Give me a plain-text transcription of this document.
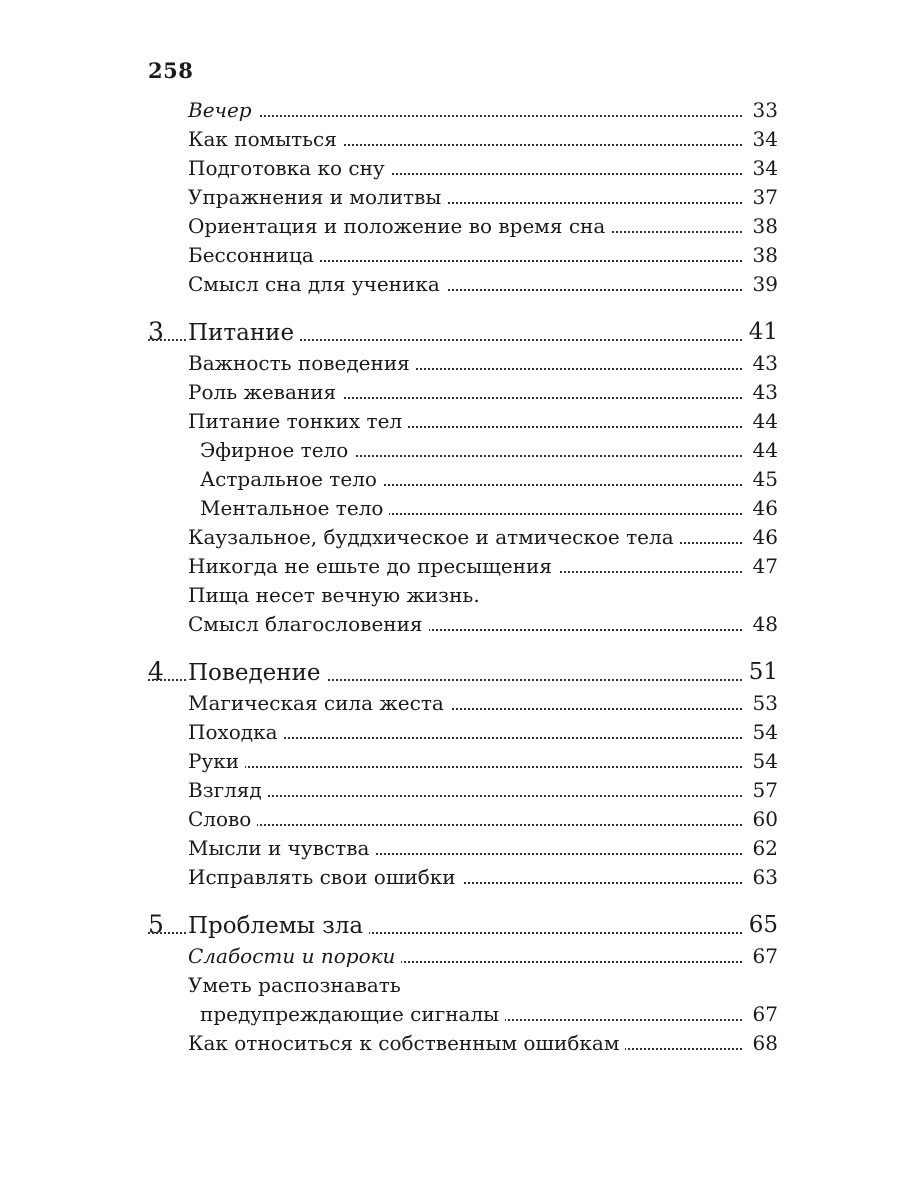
258
Вечер	33
Как помыться	34
Подготовка ко сну	34
Упражнения и молитвы	37
Ориентация и положение во время сна	38
Бессонница	38
Смысл сна для ученика	39
3 Питание	41
Важность поведения	43
Роль жевания	43
Питание тонких тел	44
Эфирное тело	44
Астральное тело	45
Ментальное тело	46
Каузальное, буддхическое и атмическое тела	46
Никогда не ешьте до пресыщения	47
Пища несет вечную жизнь.
Смысл благословения	48
4 Поведение	51
Магическая сила жеста	53
Походка	54
Руки	54
Взгляд	57
Слово	60
Мысли и чувства	62
Исправлять свои ошибки	63
5 Проблемы зла	65
Слабости и пороки	67
Уметь распознавать
предупреждающие сигналы	67
Как относиться к собственным ошибкам	68
